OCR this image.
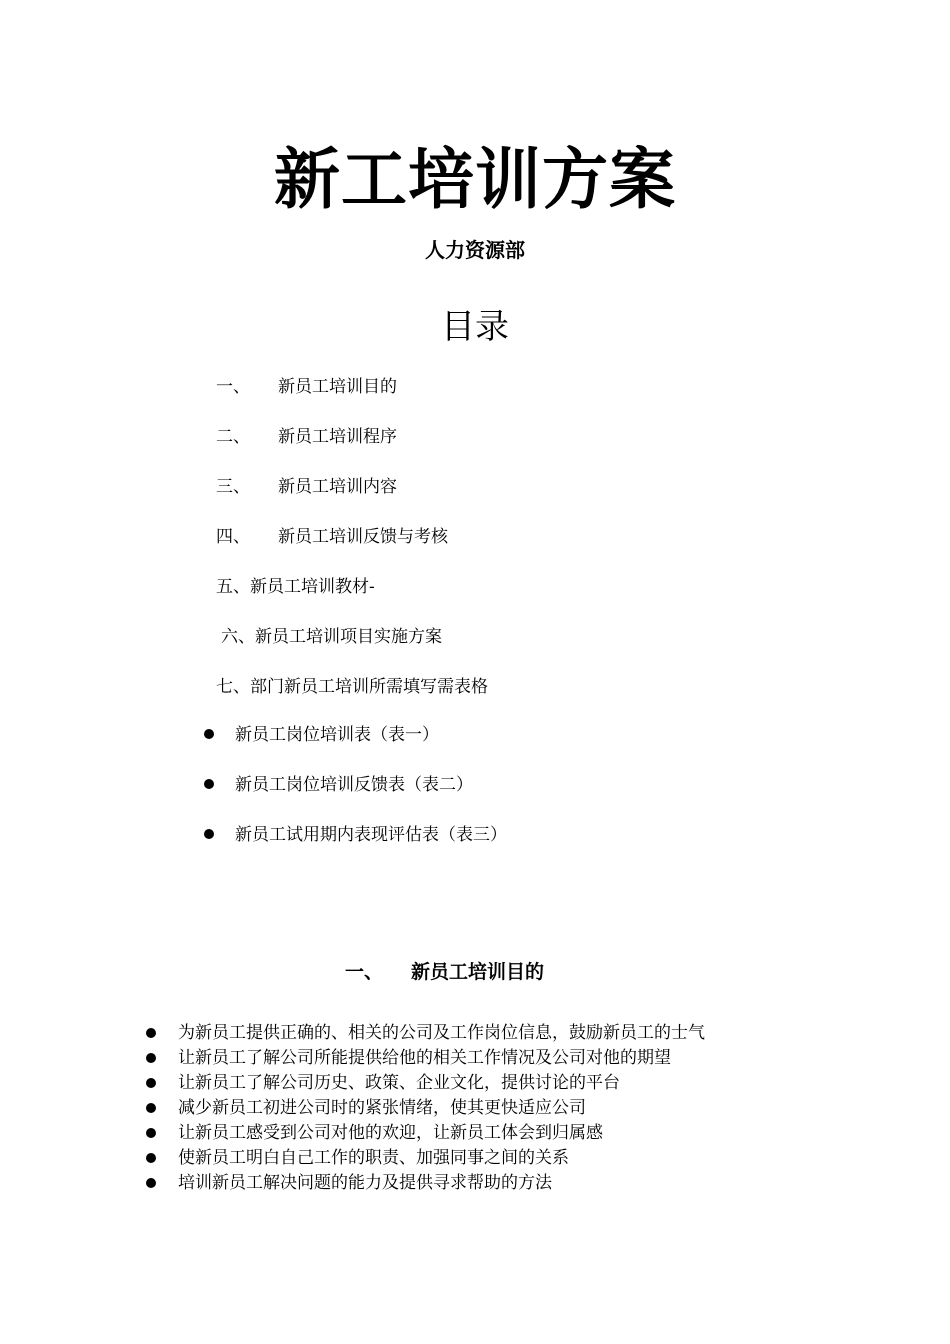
新工培训方案
人力资源部
目录
一、 新员工培训目的
二、 新员工培训程序
三、 新员工培训内容
四、 新员工培训反馈与考核
五、新员工培训教材-
六、新员工培训项目实施方案
七、部门新员工培训所需填写需表格
新员工岗位培训表（表一）
新员工岗位培训反馈表（表二）
新员工试用期内表现评估表（表三）
一、 新员工培训目的
为新员工提供正确的、相关的公司及工作岗位信息，鼓励新员工的士气
让新员工了解公司所能提供给他的相关工作情况及公司对他的期望
让新员工了解公司历史、政策、企业文化，提供讨论的平台
减少新员工初进公司时的紧张情绪，使其更快适应公司
让新员工感受到公司对他的欢迎，让新员工体会到归属感
使新员工明白自己工作的职责、加强同事之间的关系
培训新员工解决问题的能力及提供寻求帮助的方法
